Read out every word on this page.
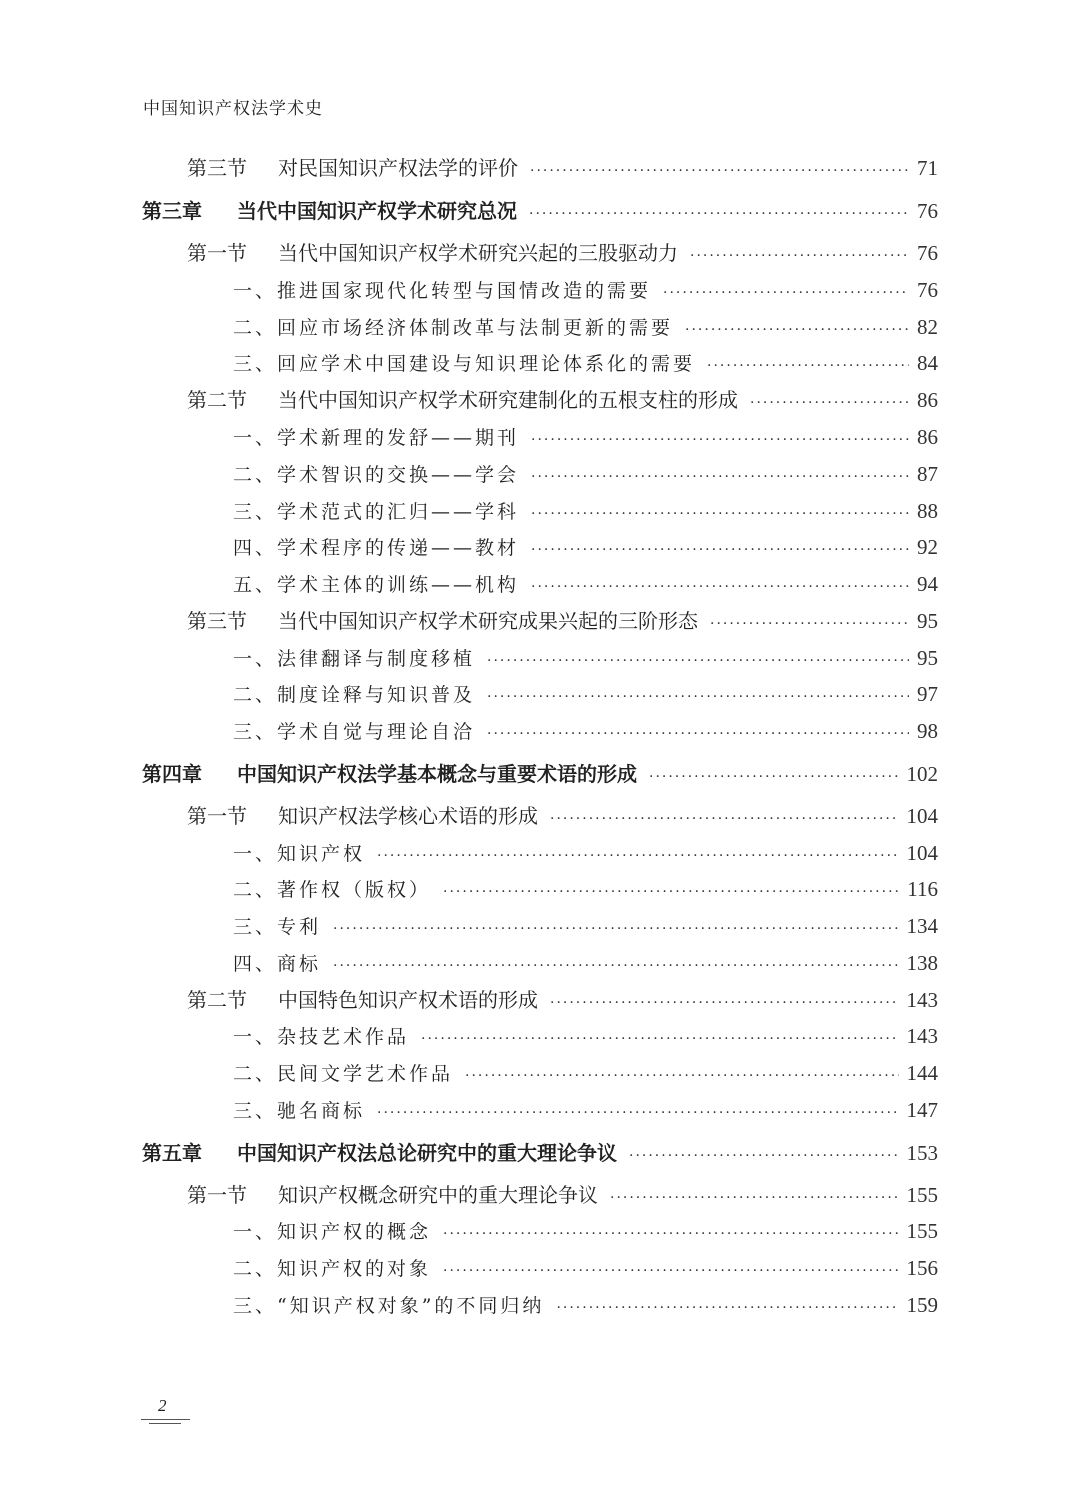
中国知识产权法学术史
第三节	对民国知识产权法学的评价 ·····	71
第三章	当代中国知识产权学术研究总况 ·····	76
第一节	当代中国知识产权学术研究兴起的三股驱动力 ·····	76
一、推进国家现代化转型与国情改造的需要 ·····	76
二、回应市场经济体制改革与法制更新的需要 ·····	82
三、回应学术中国建设与知识理论体系化的需要 ·····	84
第二节	当代中国知识产权学术研究建制化的五根支柱的形成 ·····	86
一、学术新理的发舒——期刊 ·····	86
二、学术智识的交换——学会 ·····	87
三、学术范式的汇归——学科 ·····	88
四、学术程序的传递——教材 ·····	92
五、学术主体的训练——机构 ·····	94
第三节	当代中国知识产权学术研究成果兴起的三阶形态 ·····	95
一、法律翻译与制度移植 ·····	95
二、制度诠释与知识普及 ·····	97
三、学术自觉与理论自洽 ·····	98
第四章	中国知识产权法学基本概念与重要术语的形成 ·····	102
第一节	知识产权法学核心术语的形成 ·····	104
一、知识产权 ·····	104
二、著作权（版权） ·····	116
三、专利 ·····	134
四、商标 ·····	138
第二节	中国特色知识产权术语的形成 ·····	143
一、杂技艺术作品 ·····	143
二、民间文学艺术作品 ·····	144
三、驰名商标 ·····	147
第五章	中国知识产权法总论研究中的重大理论争议 ·····	153
第一节	知识产权概念研究中的重大理论争议 ·····	155
一、知识产权的概念 ·····	155
二、知识产权的对象 ·····	156
三、“知识产权对象”的不同归纳 ·····	159
2
